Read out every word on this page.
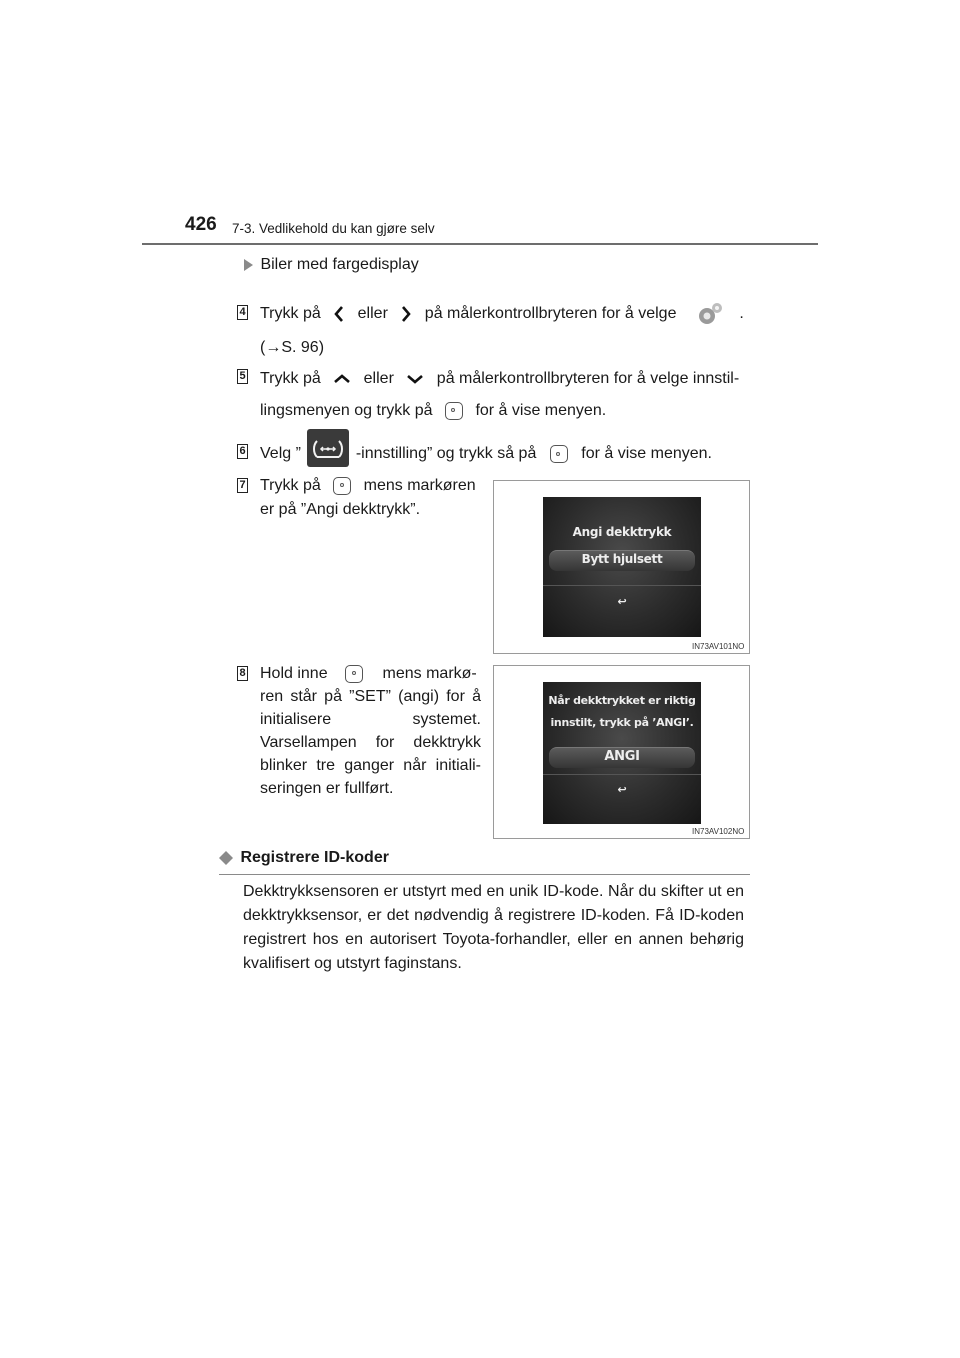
426 7-3. Vedlikehold du kan gjøre selv
Biler med fargedisplay
4 Trykk på eller på målerkontrollbryteren for å velge	.
(→S. 96)
5 Trykk på	eller	på målerkontrollbryteren for å velge innstil-
lingsmenyen og trykk på	for å vise menyen.
6 Velg ”	-innstilling” og trykk så på	for å vise menyen.
7 Trykk på	mens markøren
er på ”Angi dekktrykk”.
Angi dekktrykk
Bytt hjulsett
↩
IN73AV101NO
8 Hold inne	mens markø-
ren står på ”SET” (angi) for å initialisere systemet. Varsellampen for dekktrykk blinker tre ganger når initiali-seringen er fullført.
Når dekktrykket er riktig
innstilt, trykk på ’ANGI’.
ANGI
↩
IN73AV102NO
Registrere ID-koder
Dekktrykksensoren er utstyrt med en unik ID-kode. Når du skifter ut en dekktrykksensor, er det nødvendig å registrere ID-koden. Få ID-koden registrert hos en autorisert Toyota-forhandler, eller en annen behørig kvalifisert og utstyrt faginstans.
